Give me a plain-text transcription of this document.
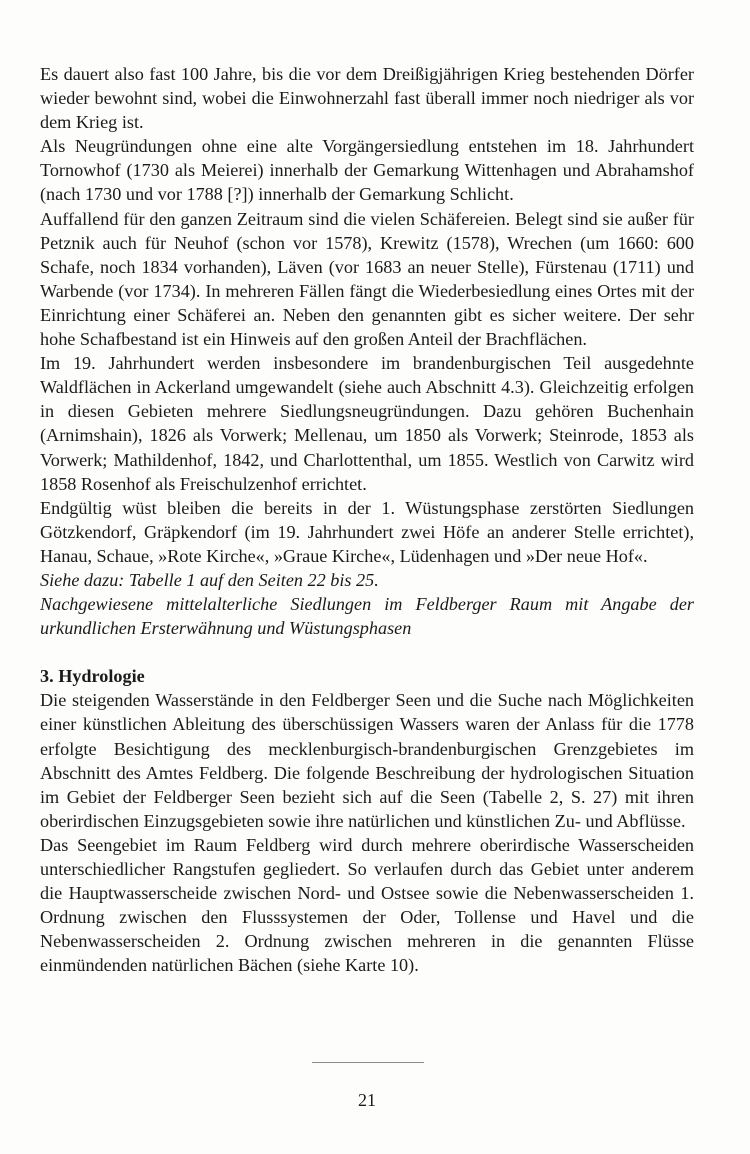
Es dauert also fast 100 Jahre, bis die vor dem Dreißigjährigen Krieg bestehenden Dörfer wieder bewohnt sind, wobei die Einwohnerzahl fast überall immer noch niedriger als vor dem Krieg ist.

Als Neugründungen ohne eine alte Vorgängersiedlung entstehen im 18. Jahrhundert Tornowhof (1730 als Meierei) innerhalb der Gemarkung Wittenhagen und Abrahamshof (nach 1730 und vor 1788 [?]) innerhalb der Gemarkung Schlicht.

Auffallend für den ganzen Zeitraum sind die vielen Schäfereien. Belegt sind sie außer für Petznik auch für Neuhof (schon vor 1578), Krewitz (1578), Wrechen (um 1660: 600 Schafe, noch 1834 vorhanden), Läven (vor 1683 an neuer Stelle), Fürstenau (1711) und Warbende (vor 1734). In mehreren Fällen fängt die Wiederbesiedlung eines Ortes mit der Einrichtung einer Schäferei an. Neben den genannten gibt es sicher weitere. Der sehr hohe Schafbestand ist ein Hinweis auf den großen Anteil der Brachflächen.

Im 19. Jahrhundert werden insbesondere im brandenburgischen Teil ausgedehnte Waldflächen in Ackerland umgewandelt (siehe auch Abschnitt 4.3). Gleichzeitig erfolgen in diesen Gebieten mehrere Siedlungsneugründungen. Dazu gehören Buchenhain (Arnimshain), 1826 als Vorwerk; Mellenau, um 1850 als Vorwerk; Steinrode, 1853 als Vorwerk; Mathildenhof, 1842, und Charlottenthal, um 1855. Westlich von Carwitz wird 1858 Rosenhof als Freischulzenhof errichtet.

Endgültig wüst bleiben die bereits in der 1. Wüstungsphase zerstörten Siedlungen Götzkendorf, Gräpkendorf (im 19. Jahrhundert zwei Höfe an anderer Stelle errichtet), Hanau, Schaue, »Rote Kirche«, »Graue Kirche«, Lüdenhagen und »Der neue Hof«.

Siehe dazu: Tabelle 1 auf den Seiten 22 bis 25.

Nachgewiesene mittelalterliche Siedlungen im Feldberger Raum mit Angabe der urkundlichen Ersterwähnung und Wüstungsphasen

3. Hydrologie

Die steigenden Wasserstände in den Feldberger Seen und die Suche nach Möglichkeiten einer künstlichen Ableitung des überschüssigen Wassers waren der Anlass für die 1778 erfolgte Besichtigung des mecklenburgisch-brandenburgischen Grenzgebietes im Abschnitt des Amtes Feldberg. Die folgende Beschreibung der hydrologischen Situation im Gebiet der Feldberger Seen bezieht sich auf die Seen (Tabelle 2, S. 27) mit ihren oberirdischen Einzugsgebieten sowie ihre natürlichen und künstlichen Zu- und Abflüsse.

Das Seengebiet im Raum Feldberg wird durch mehrere oberirdische Wasserscheiden unterschiedlicher Rangstufen gegliedert. So verlaufen durch das Gebiet unter anderem die Hauptwasserscheide zwischen Nord- und Ostsee sowie die Nebenwasserscheiden 1. Ordnung zwischen den Flusssystemen der Oder, Tollense und Havel und die Nebenwasserscheiden 2. Ordnung zwischen mehreren in die genannten Flüsse einmündenden natürlichen Bächen (siehe Karte 10).

21
